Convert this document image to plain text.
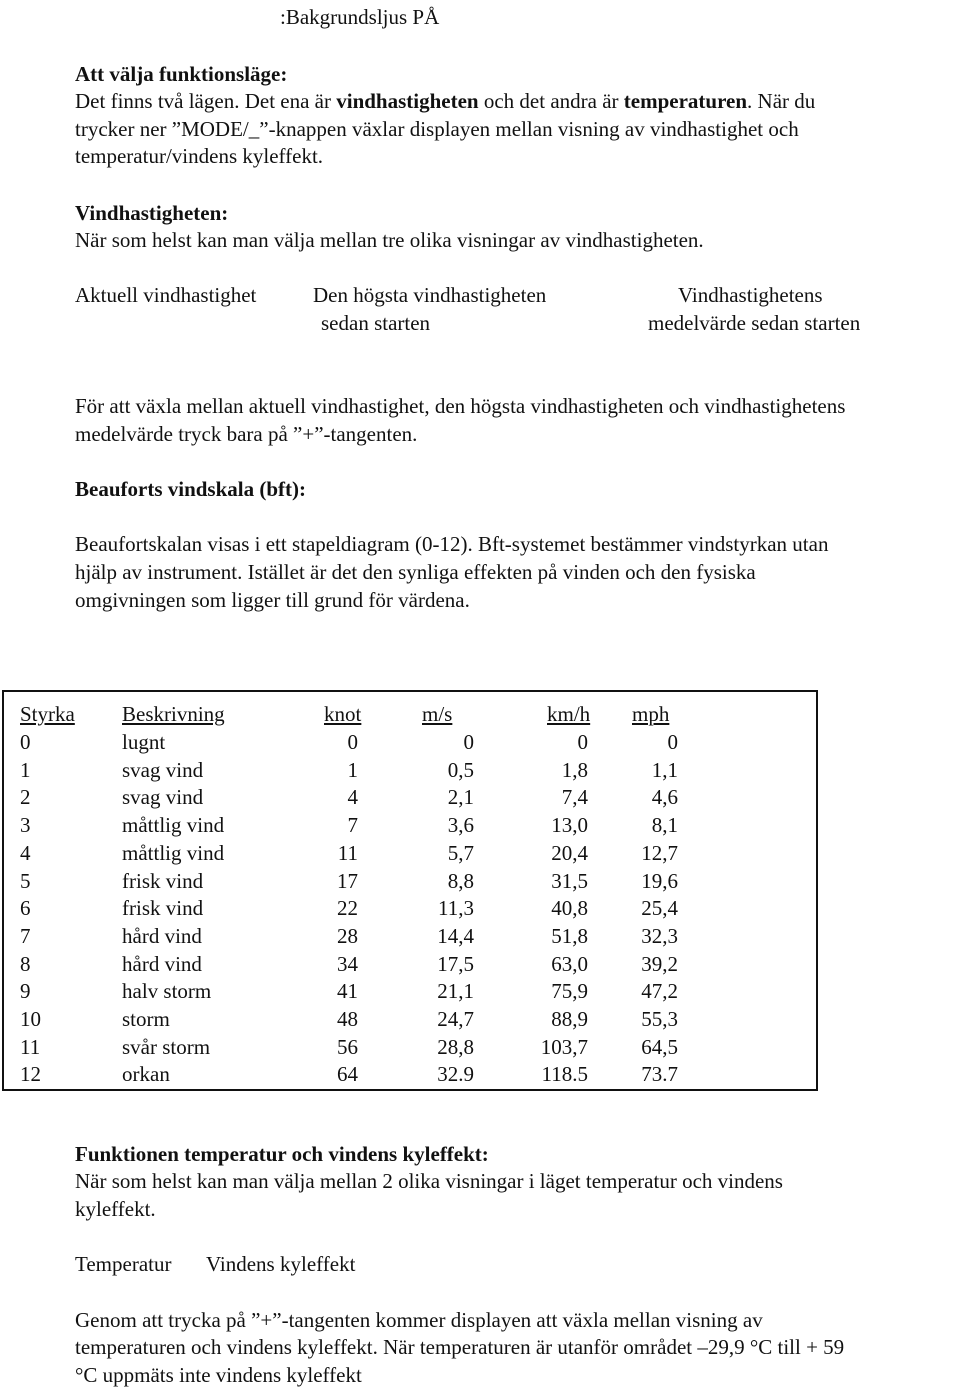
:Bakgrundsljus PÅ
Att välja funktionsläge:
Det finns två lägen. Det ena är vindhastigheten och det andra är temperaturen. När du
trycker ner ”MODE/_”-knappen växlar displayen mellan visning av vindhastighet och
temperatur/vindens kyleffekt.
Vindhastigheten:
När som helst kan man välja mellan tre olika visningar av vindhastigheten.
Aktuell vindhastighet	Den högsta vindhastigheten
sedan starten
Vindhastighetens
medelvärde sedan starten
För att växla mellan aktuell vindhastighet, den högsta vindhastigheten och vindhastighetens
medelvärde tryck bara på ”+”-tangenten.
Beauforts vindskala (bft):
Beaufortskalan visas i ett stapeldiagram (0-12). Bft-systemet bestämmer vindstyrkan utan
hjälp av instrument. Istället är det den synliga effekten på vinden och den fysiska
omgivningen som ligger till grund för värdena.
Styrka Beskrivning	knot	m/s	km/h mph
0	lugnt	0	0	0	0
1	svag vind	1	0,5	1,8	1,1
2	svag vind	4	2,1	7,4	4,6
3	måttlig vind	7	3,6	13,0	8,1
4	måttlig vind	11	5,7	20,4	12,7
5	frisk vind	17	8,8	31,5	19,6
6	frisk vind	22	11,3	40,8	25,4
7	hård vind	28	14,4	51,8	32,3
8	hård vind	34	17,5	63,0	39,2
9	halv storm	41	21,1	75,9	47,2
10	storm	48	24,7	88,9	55,3
11	svår storm	56	28,8	103,7	64,5
12	orkan	64	32.9	118.5	73.7
Funktionen temperatur och vindens kyleffekt:
När som helst kan man välja mellan 2 olika visningar i läget temperatur och vindens
kyleffekt.
Temperatur Vindens kyleffekt
Genom att trycka på ”+”-tangenten kommer displayen att växla mellan visning av
temperaturen och vindens kyleffekt. När temperaturen är utanför området –29,9 °C till + 59
°C uppmäts inte vindens kyleffekt
